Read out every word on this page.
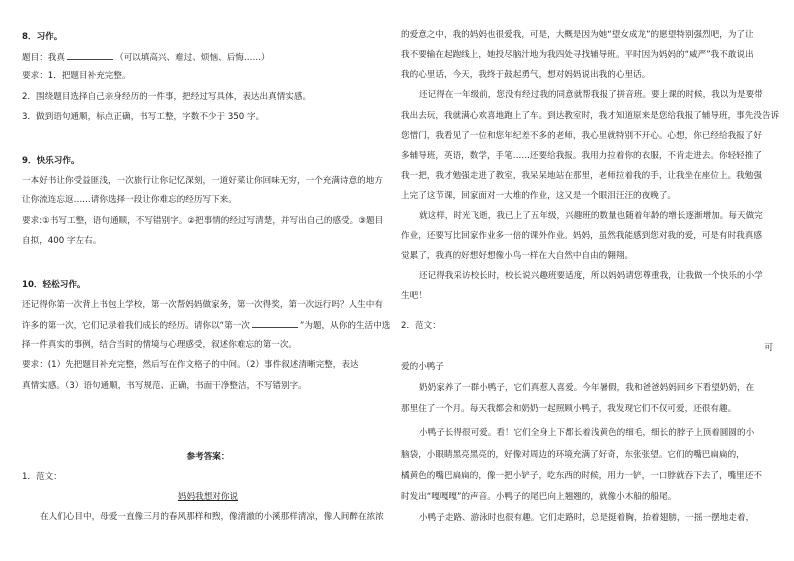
8．习作。
题目：我真	（可以填高兴、难过、烦恼、后悔……）
要求：1．把题目补充完整。
2．围绕题目选择自己亲身经历的一件事，把经过写具体，表达出真情实感。
3．做到语句通顺，标点正确，书写工整，字数不少于 350 字。
9．快乐习作。
一本好书让你受益匪浅，一次旅行让你记忆深刻，一道好菜让你回味无穷，一个充满诗意的地方
让你流连忘返……请你选择一段让你难忘的经历写下来。
要求:①书写工整，语句通顺，不写错别字。②把事情的经过写清楚，并写出自己的感受。③题目
自拟，400 字左右。
10．轻松习作。
还记得你第一次背上书包上学校，第一次帮妈妈做家务，第一次得奖，第一次远行吗？人生中有
许多的第一次，它们记录着我们成长的经历。请你以“第一次	”为题，从你的生活中选
择一件真实的事例，结合当时的情境与心理感受，叙述你难忘的第一次。
要求：(1）先把题目补充完整，然后写在作文格子的中间。（2）事件叙述清晰完整，表达
真情实感。（3）语句通顺，书写规范、正确，书面干净整洁，不写错别字。
参考答案：
1．范文：
妈妈我想对你说
在人们心目中，母爱一直像三月的春风那样和煦，像清澈的小溪那样清凉，像人间醉在浓浓
的爱意之中，我的妈妈也很爱我，可是，大概是因为她“望女成龙”的愿望特别强烈吧，为了让
我不要输在起跑线上，她投尽脑汁地为我四处寻找辅导班。平时因为妈妈的“威严”我不敢说出
我的心里话，今天，我终于鼓起勇气，想对妈妈说出我的心里话。
还记得在一年级前，您没有经过我的同意就帮我报了拼音班。要上课的时候，我以为是要带
我出去玩，我就满心欢喜地跑上了车。到达教室时，我才知道原来是您给我报了辅导班，事先没告诉
您惜门，我看见了一位和您年纪差不多的老师，我心里就特别不开心。心想，你已经给我报了好
多辅导班，英语，数学，手笔……还要给我报。我用力拉着你的衣服，不肯走进去。你轻轻推了
我一把，我才勉强走进了教室，我呆呆地站在那里，老师拉着我的手，让我坐在座位上。我勉强
上完了这节课，回家面对一大堆的作业，这又是一个眼泪汪汪的夜晚了。
就这样，时光飞逝，我已上了五年级，兴趣班的数量也随着年龄的增长逐渐增加。每天做完
作业，还要写比回家作业多一倍的课外作业。妈妈，虽然我能感到您对我的爱，可是有时我真感
觉累了，我真的好想好想像小鸟一样在大自然中自由的翱翔。
还记得我采访校长时，校长说兴趣班要适度，所以妈妈请您尊重我，让我做一个快乐的小学
生吧！
2．范文：
可
爱的小鸭子
奶奶家养了一群小鸭子，它们真惹人喜爱。今年暑假，我和爸爸妈妈回乡下看望奶奶，在
那里住了一个月。每天我都会和奶奶一起照顾小鸭子，我发现它们不仅可爱，还很有趣。
小鸭子长得很可爱。看！它们全身上下都长着浅黄色的细毛，细长的脖子上顶着圆圆的小
脑袋，小眼睛黑亮黑亮的，好像对周边的环境充满了好奇，东张张望。它们的嘴巴扁扁的，
橘黄色的嘴巴扁扁的，像一把小铲子，吃东西的时候，用力一铲，一口脖就吞下去了，嘴里还不
时发出“嘎嘎嘎”的声音。小鸭子的尾巴向上翘翘的，就像小木船的船尾。
小鸭子走路、游泳时也很有趣。它们走路时，总是挺着胸，抬着翅膀，一摇一摆地走着，
